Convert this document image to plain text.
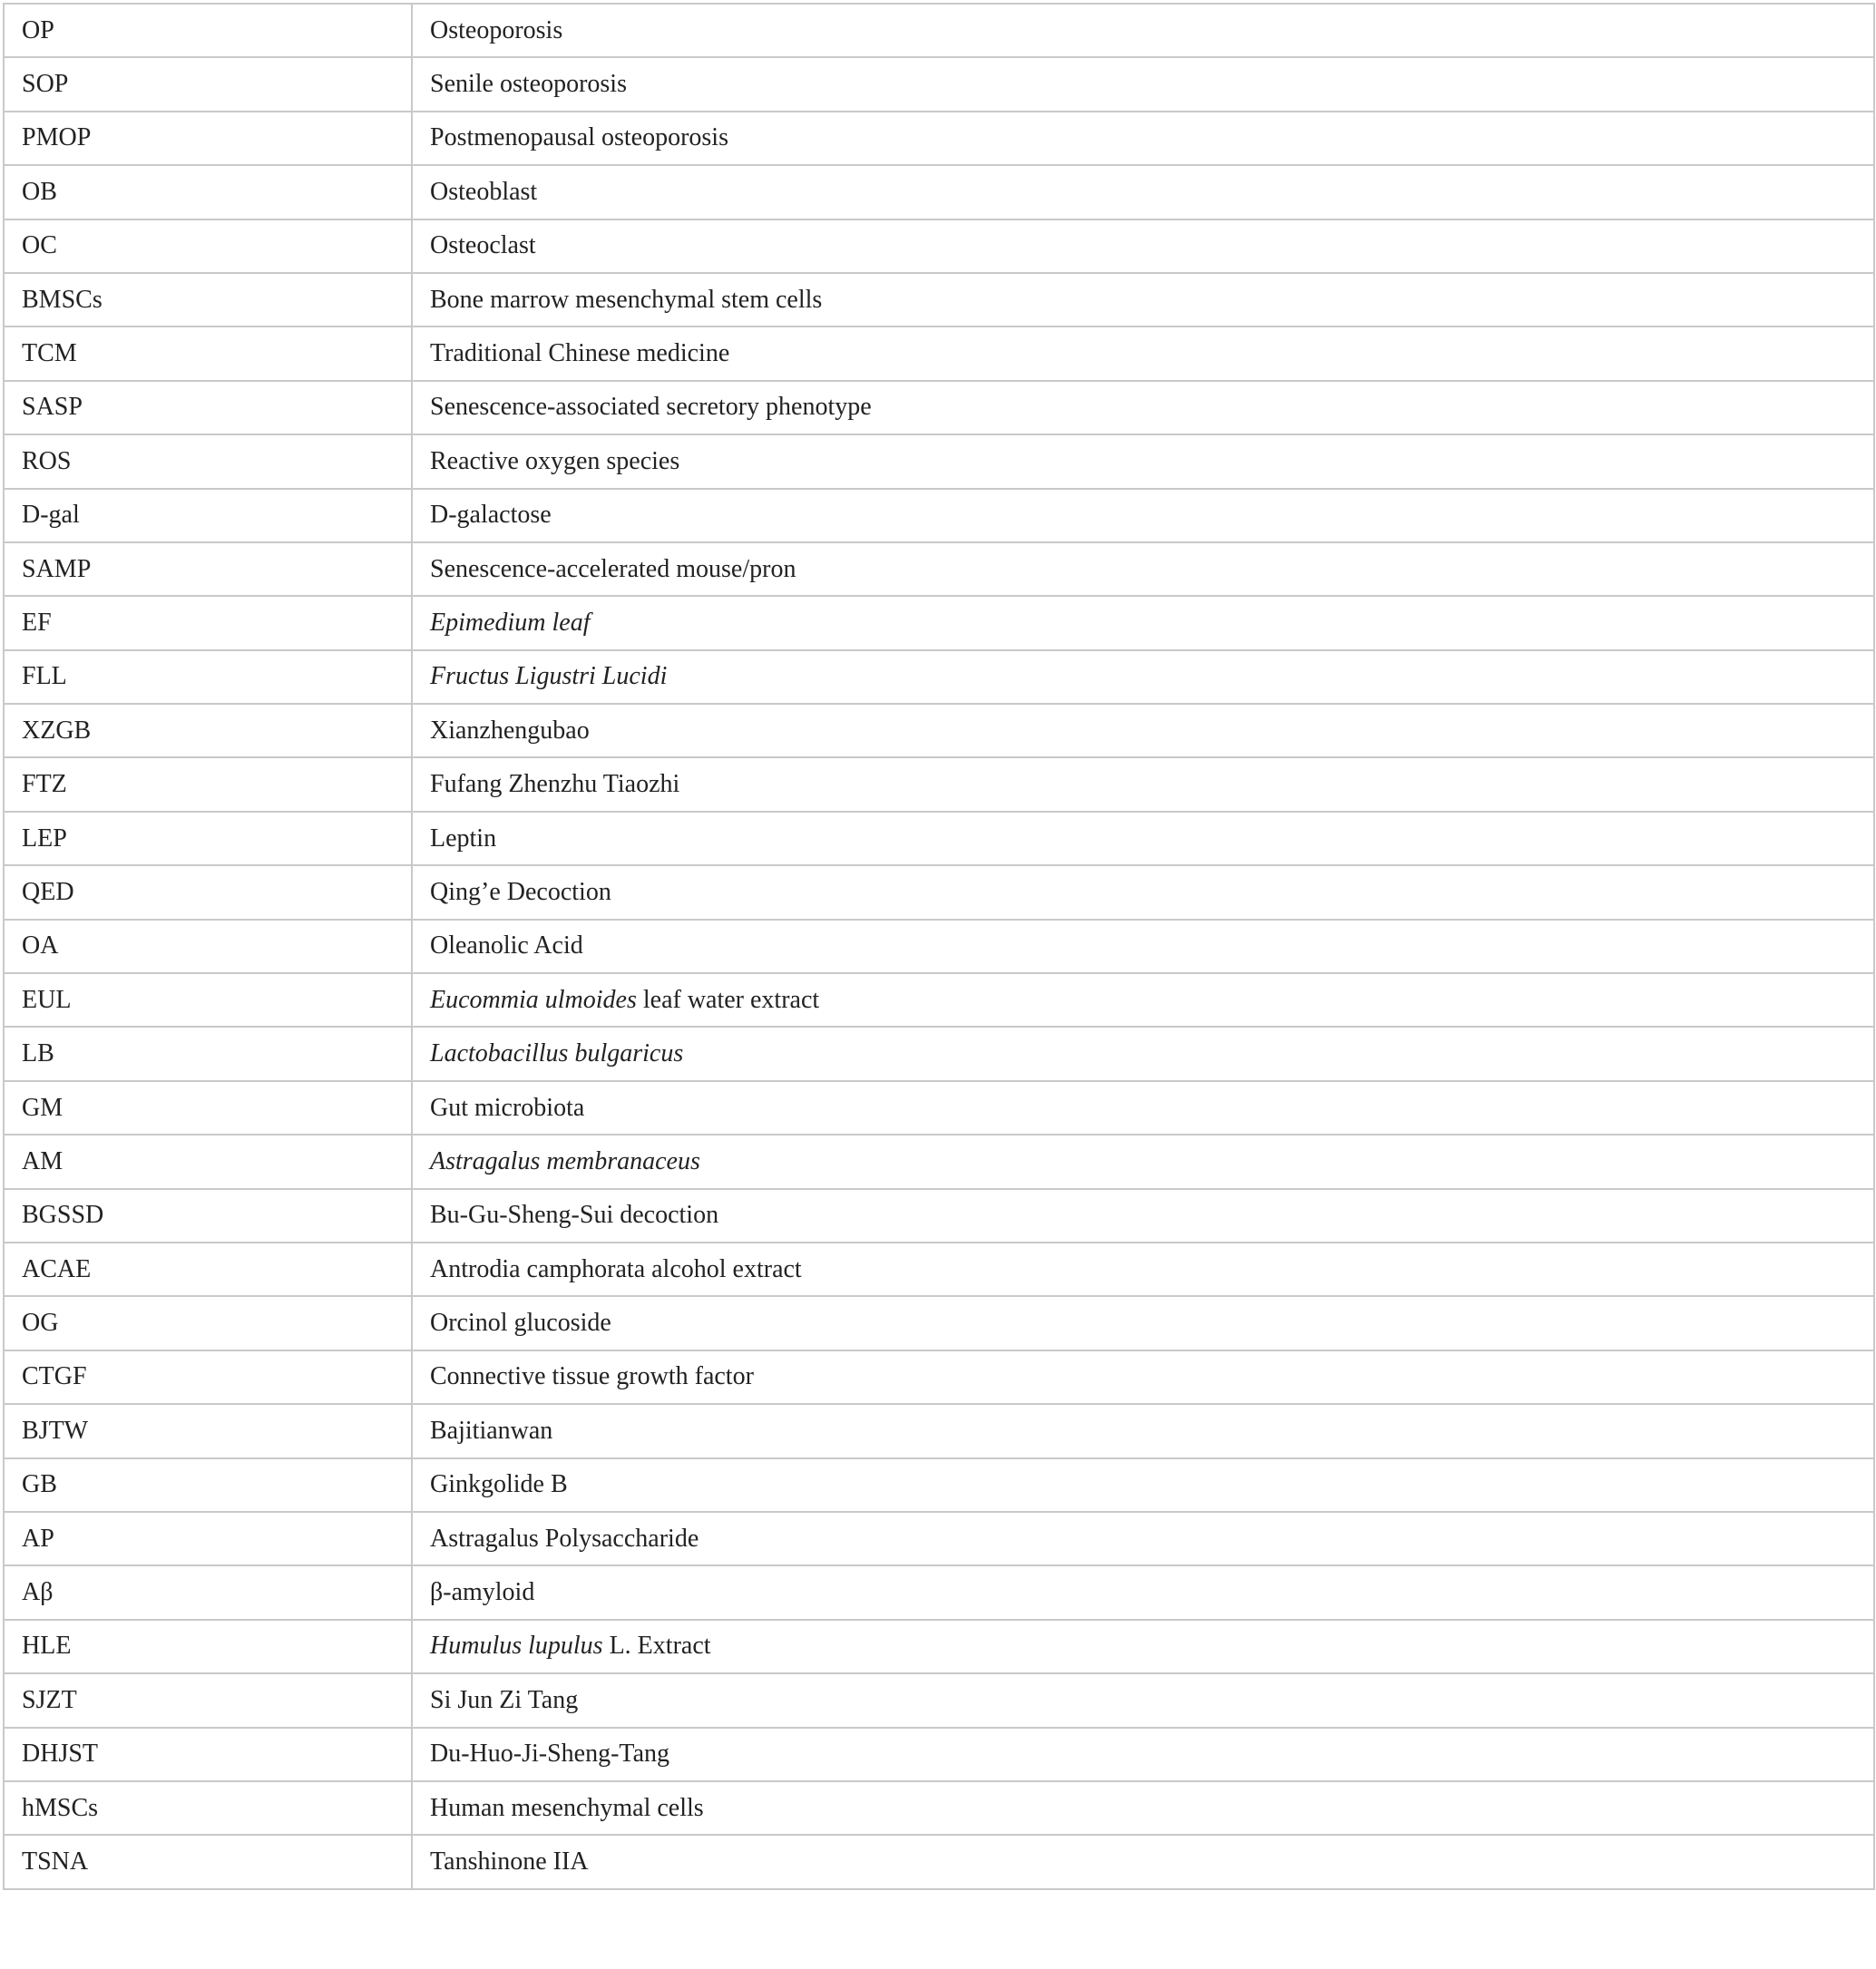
OP	Osteoporosis
SOP	Senile osteoporosis
PMOP	Postmenopausal osteoporosis
OB	Osteoblast
OC	Osteoclast
BMSCs	Bone marrow mesenchymal stem cells
TCM	Traditional Chinese medicine
SASP	Senescence-associated secretory phenotype
ROS	Reactive oxygen species
D-gal	D-galactose
SAMP	Senescence-accelerated mouse/pron
EF	Epimedium leaf
FLL	Fructus Ligustri Lucidi
XZGB	Xianzhengubao
FTZ	Fufang Zhenzhu Tiaozhi
LEP	Leptin
QED	Qing’e Decoction
OA	Oleanolic Acid
EUL	Eucommia ulmoides leaf water extract
LB	Lactobacillus bulgaricus
GM	Gut microbiota
AM	Astragalus membranaceus
BGSSD	Bu-Gu-Sheng-Sui decoction
ACAE	Antrodia camphorata alcohol extract
OG	Orcinol glucoside
CTGF	Connective tissue growth factor
BJTW	Bajitianwan
GB	Ginkgolide B
AP	Astragalus Polysaccharide
Aβ	β-amyloid
HLE	Humulus lupulus L. Extract
SJZT	Si Jun Zi Tang
DHJST	Du-Huo-Ji-Sheng-Tang
hMSCs	Human mesenchymal cells
TSNA	Tanshinone IIA
